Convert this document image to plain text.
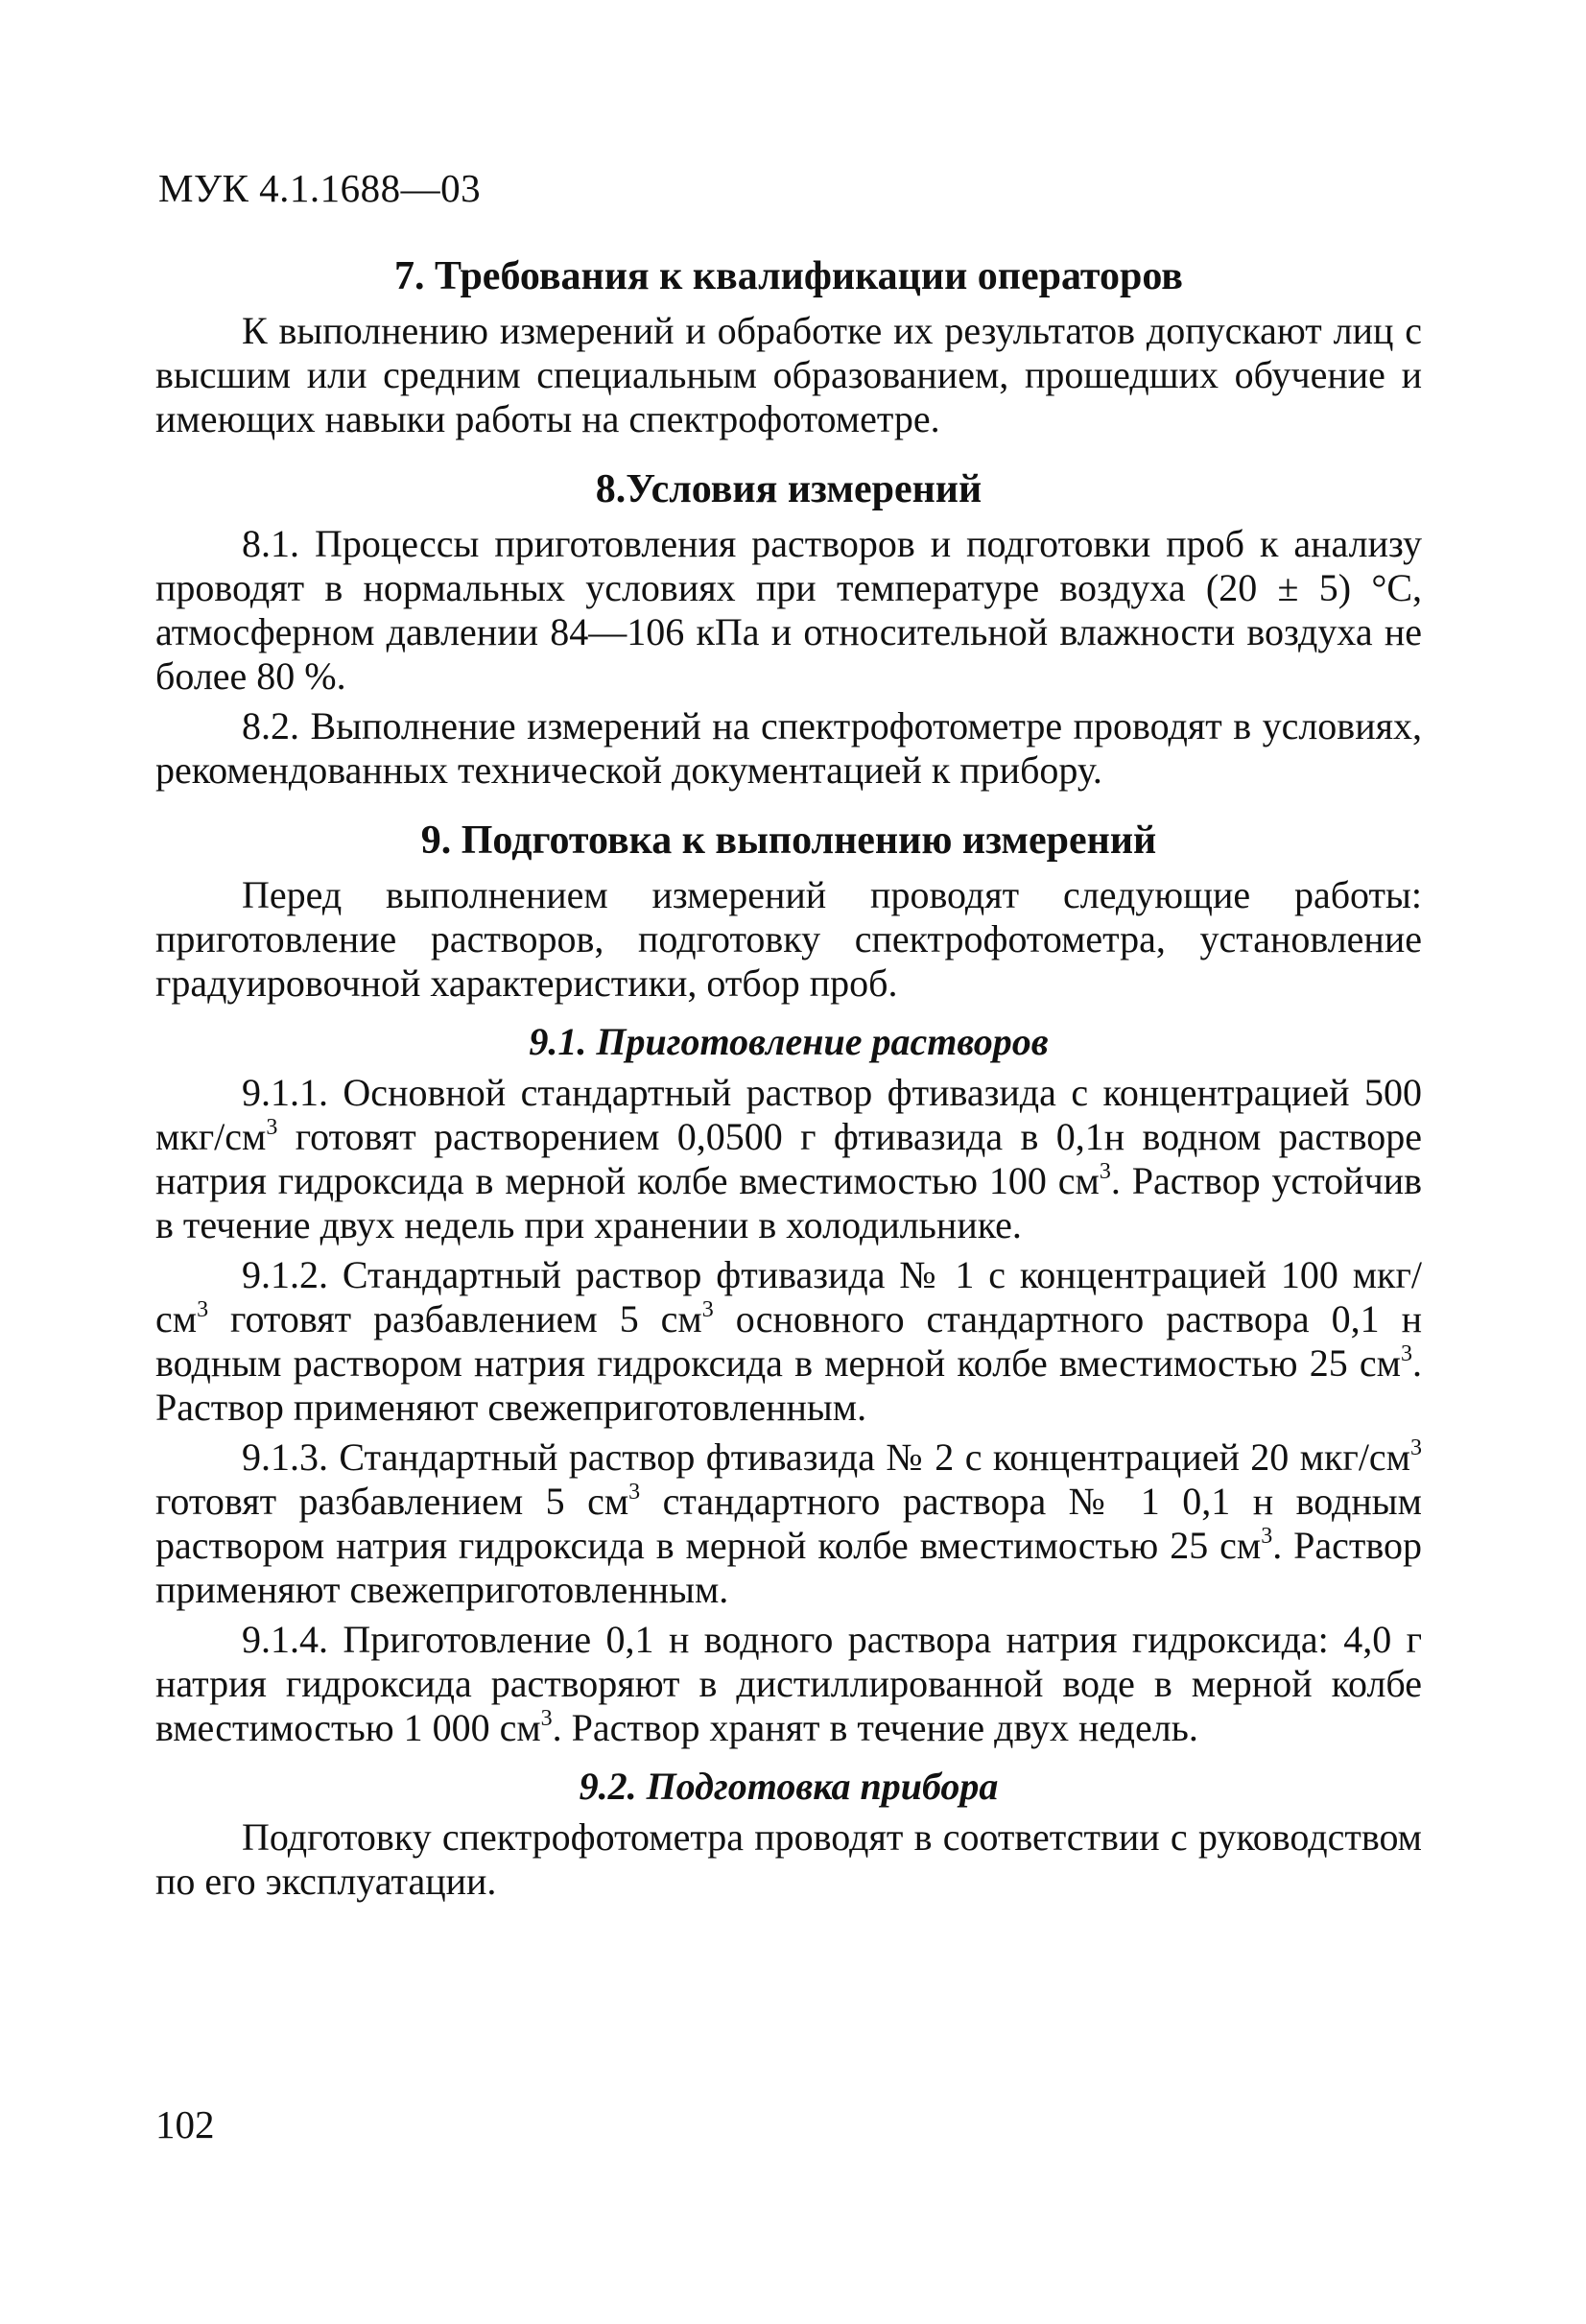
МУК 4.1.1688—03
7. Требования к квалификации операторов

К выполнению измерений и обработке их результатов допускают лиц с высшим или средним специальным образованием, прошедших обучение и имеющих навыки работы на спектрофотометре.

8.Условия измерений

8.1. Процессы приготовления растворов и подготовки проб к анализу проводят в нормальных условиях при температуре воздуха (20 ± 5) °С, атмосферном давлении 84—106 кПа и относительной влажности воздуха не более 80 %.

8.2. Выполнение измерений на спектрофотометре проводят в условиях, рекомендованных технической документацией к прибору.

9. Подготовка к выполнению измерений

Перед выполнением измерений проводят следующие работы: приготовление растворов, подготовку спектрофотометра, установление градуировочной характеристики, отбор проб.

9.1. Приготовление растворов

9.1.1. Основной стандартный раствор фтивазида с концентрацией 500 мкг/$см^3$ готовят растворением 0,0500 г фтивазида в 0,1н водном растворе натрия гидроксида в мерной колбе вместимостью 100 $см^3$. Раствор устойчив в течение двух недель при хранении в холодильнике.

9.1.2. Стандартный раствор фтивазида № 1 с концентрацией 100 мкг/$см^3$ готовят разбавлением 5 $см^3$ основного стандартного раствора 0,1 н водным раствором натрия гидроксида в мерной колбе вместимостью 25 $см^3$. Раствор применяют свежеприготовленным.

9.1.3. Стандартный раствор фтивазида № 2 с концентрацией 20 мкг/$см^3$ готовят разбавлением 5 $см^3$ стандартного раствора № 1 0,1 н водным раствором натрия гидроксида в мерной колбе вместимостью 25 $см^3$. Раствор применяют свежеприготовленным.

9.1.4. Приготовление 0,1 н водного раствора натрия гидроксида: 4,0 г натрия гидроксида растворяют в дистиллированной воде в мерной колбе вместимостью 1 000 $см^3$. Раствор хранят в течение двух недель.

9.2. Подготовка прибора

Подготовку спектрофотометра проводят в соответствии с руководством по его эксплуатации.

102
